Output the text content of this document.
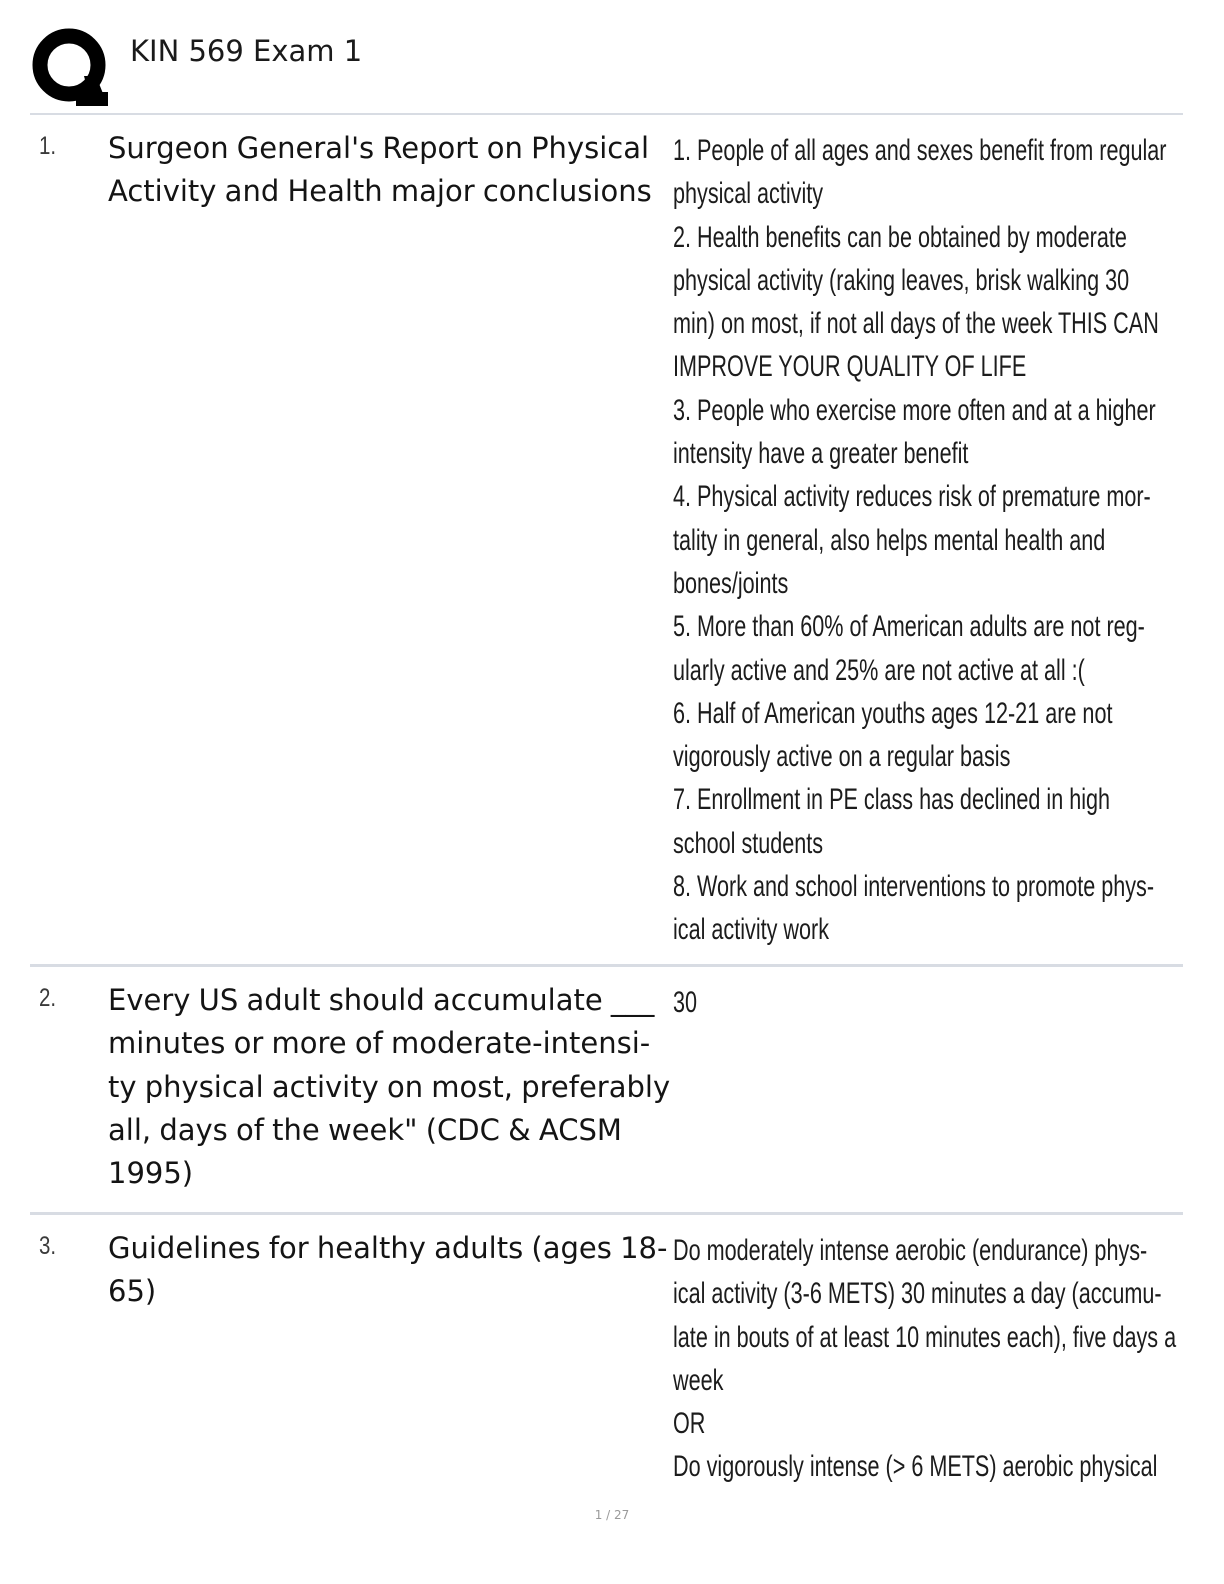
KIN 569 Exam 1
1. Surgeon General's Report on Physical Activity and Health major conclusions
1. People of all ages and sexes benefit from regular physical activity
2. Health benefits can be obtained by moderate physical activity (raking leaves, brisk walking 30 min) on most, if not all days of the week THIS CAN IMPROVE YOUR QUALITY OF LIFE
3. People who exercise more often and at a higher intensity have a greater benefit
4. Physical activity reduces risk of premature mor-tality in general, also helps mental health and bones/joints
5. More than 60% of American adults are not reg-ularly active and 25% are not active at all :(
6. Half of American youths ages 12-21 are not vigorously active on a regular basis
7. Enrollment in PE class has declined in high school students
8. Work and school interventions to promote phys-ical activity work
2. Every US adult should accumulate ___ minutes or more of moderate-intensi-ty physical activity on most, preferably all, days of the week" (CDC & ACSM 1995)
30
3. Guidelines for healthy adults (ages 18-65)
Do moderately intense aerobic (endurance) phys-ical activity (3-6 METS) 30 minutes a day (accumu-late in bouts of at least 10 minutes each), five days a week
OR
Do vigorously intense (> 6 METS) aerobic physical
1 / 27
